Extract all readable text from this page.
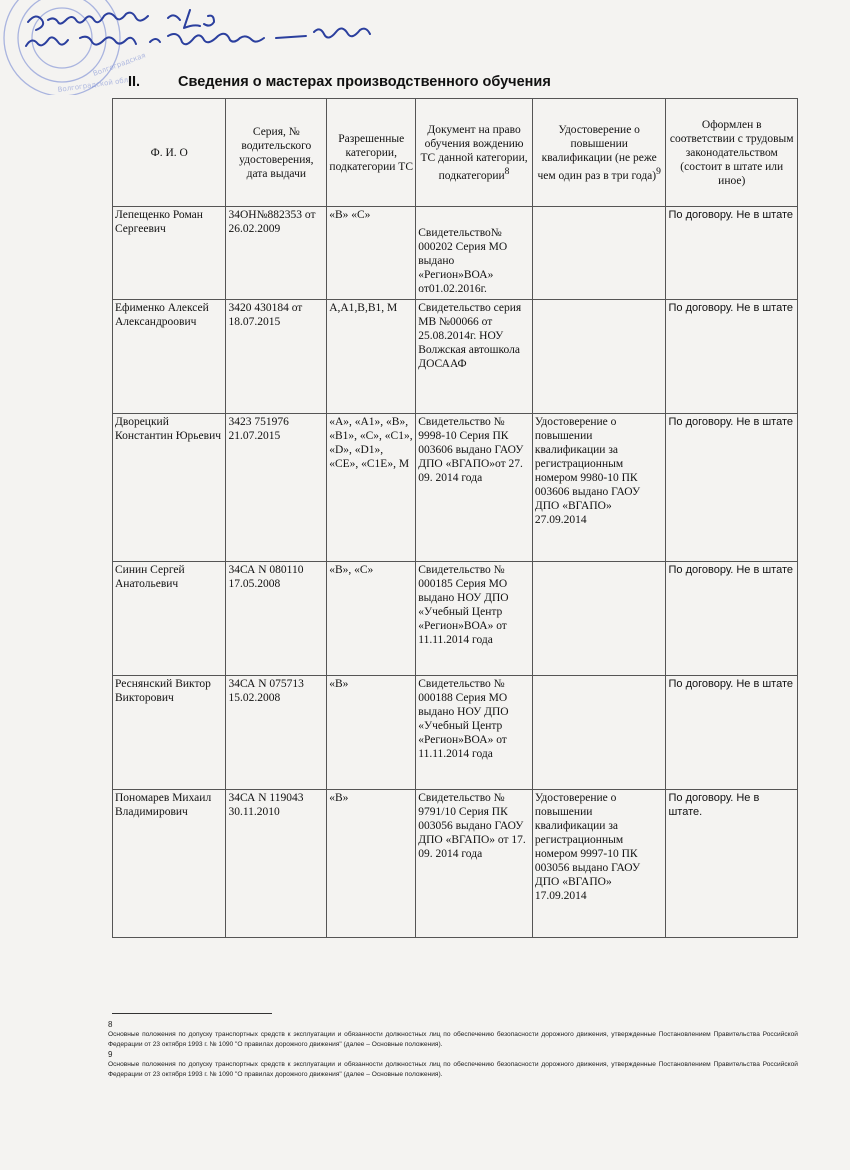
Волгоградская
Волгоградской обл.
II.	Сведения о мастерах производственного обучения
Ф. И. О	Серия, № водительского удостоверения, дата выдачи	Разрешенные категории, подкатегории ТС	Документ на право обучения вождению ТС данной категории, подкатегории$^8$	Удостоверение о повышении квалификации (не реже чем один раз в три года)$^9$	Оформлен в соответствии с трудовым законодательством (состоит в штате или иное)
Лепещенко Роман Сергеевич	34ОН№882353 от 26.02.2009	«В» «С»	Свидетельство№ 000202 Серия МО выдано «Регион»ВОА» от01.02.2016г.		По договору. Не в штате
Ефименко Алексей Александроович	3420 430184 от 18.07.2015	А,А1,В,В1, М	Свидетельство серия МВ №00066 от 25.08.2014г. НОУ Волжская автошкола ДОСААФ		По договору. Не в штате
Дворецкий Константин Юрьевич	3423 751976 21.07.2015	«А», «А1», «В», «В1», «С», «С1», «D», «D1», «СЕ», «С1Е», М	Свидетельство № 9998-10 Серия ПК 003606 выдано ГАОУ ДПО «ВГАПО»от 27. 09. 2014 года	Удостоверение о повышении квалификации за регистрационным номером 9980-10 ПК 003606 выдано ГАОУ ДПО «ВГАПО» 27.09.2014	По договору. Не в штате
Синин Сергей Анатольевич	34СА N 080110 17.05.2008	«В», «С»	Свидетельство № 000185 Серия МО выдано НОУ ДПО «Учебный Центр «Регион»ВОА» от 11.11.2014 года		По договору. Не в штате
Реснянский Виктор Викторович	34СА N 075713 15.02.2008	«В»	Свидетельство № 000188 Серия МО выдано НОУ ДПО «Учебный Центр «Регион»ВОА» от 11.11.2014 года		По договору. Не в штате
Пономарев Михаил Владимирович	34СА N 119043 30.11.2010	«В»	Свидетельство № 9791/10 Серия ПК 003056 выдано ГАОУ ДПО «ВГАПО» от 17. 09. 2014 года	Удостоверение о повышении квалификации за регистрационным номером 9997-10 ПК 003056 выдано ГАОУ ДПО «ВГАПО» 17.09.2014	По договору. Не в штате.
8

Основные положения по допуску транспортных средств к эксплуатации и обязанности должностных лиц по обеспечению безопасности дорожного движения, утвержденные Постановлением Правительства Российской Федерации от 23 октября 1993 г. № 1090 "О правилах дорожного движения" (далее – Основные положения).

9

Основные положения по допуску транспортных средств к эксплуатации и обязанности должностных лиц по обеспечению безопасности дорожного движения, утвержденные Постановлением Правительства Российской Федерации от 23 октября 1993 г. № 1090 "О правилах дорожного движения" (далее – Основные положения).
